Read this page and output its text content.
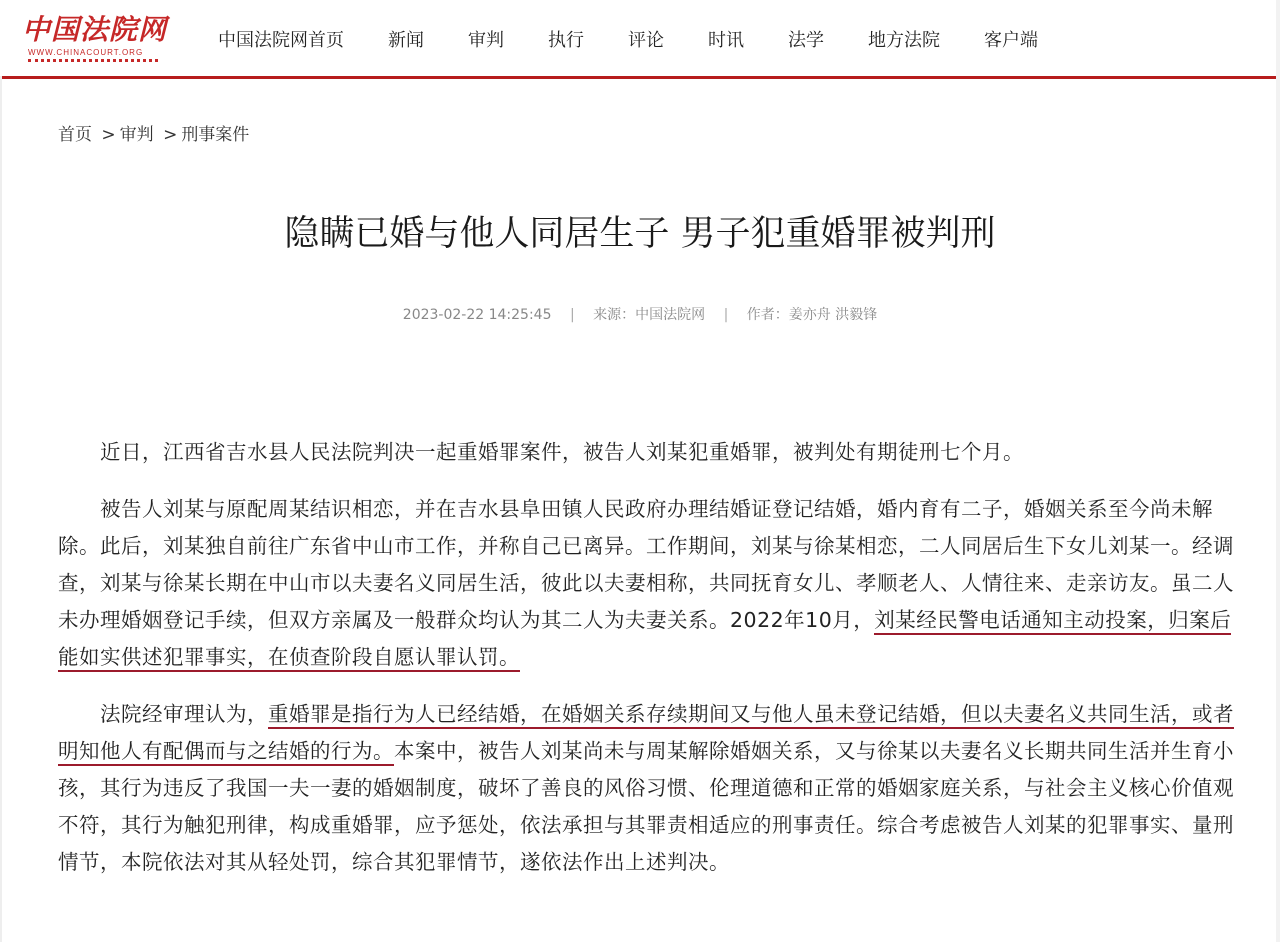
中国法院网
WWW.CHINACOURT.ORG
中国法院网首页 新闻 审判 执行 评论 时讯 法学 地方法院 客户端
首页 > 审判 > 刑事案件
隐瞒已婚与他人同居生子 男子犯重婚罪被判刑
2023-02-22 14:25:45 | 来源：中国法院网 | 作者：姜亦舟 洪毅锋

近日，江西省吉水县人民法院判决一起重婚罪案件，被告人刘某犯重婚罪，被判处有期徒刑七个月。

被告人刘某与原配周某结识相恋，并在吉水县阜田镇人民政府办理结婚证登记结婚，婚内育有二子，婚姻关系至今尚未解除。此后，刘某独自前往广东省中山市工作，并称自己已离异。工作期间，刘某与徐某相恋，二人同居后生下女儿刘某一。经调查，刘某与徐某长期在中山市以夫妻名义同居生活，彼此以夫妻相称，共同抚育女儿、孝顺老人、人情往来、走亲访友。虽二人未办理婚姻登记手续，但双方亲属及一般群众均认为其二人为夫妻关系。2022年10月，刘某经民警电话通知主动投案，归案后能如实供述犯罪事实，在侦查阶段自愿认罪认罚。

法院经审理认为，重婚罪是指行为人已经结婚，在婚姻关系存续期间又与他人虽未登记结婚，但以夫妻名义共同生活，或者明知他人有配偶而与之结婚的行为。本案中，被告人刘某尚未与周某解除婚姻关系，又与徐某以夫妻名义长期共同生活并生育小孩，其行为违反了我国一夫一妻的婚姻制度，破坏了善良的风俗习惯、伦理道德和正常的婚姻家庭关系，与社会主义核心价值观不符，其行为触犯刑律，构成重婚罪，应予惩处，依法承担与其罪责相适应的刑事责任。综合考虑被告人刘某的犯罪事实、量刑情节，本院依法对其从轻处罚，综合其犯罪情节，遂依法作出上述判决。
